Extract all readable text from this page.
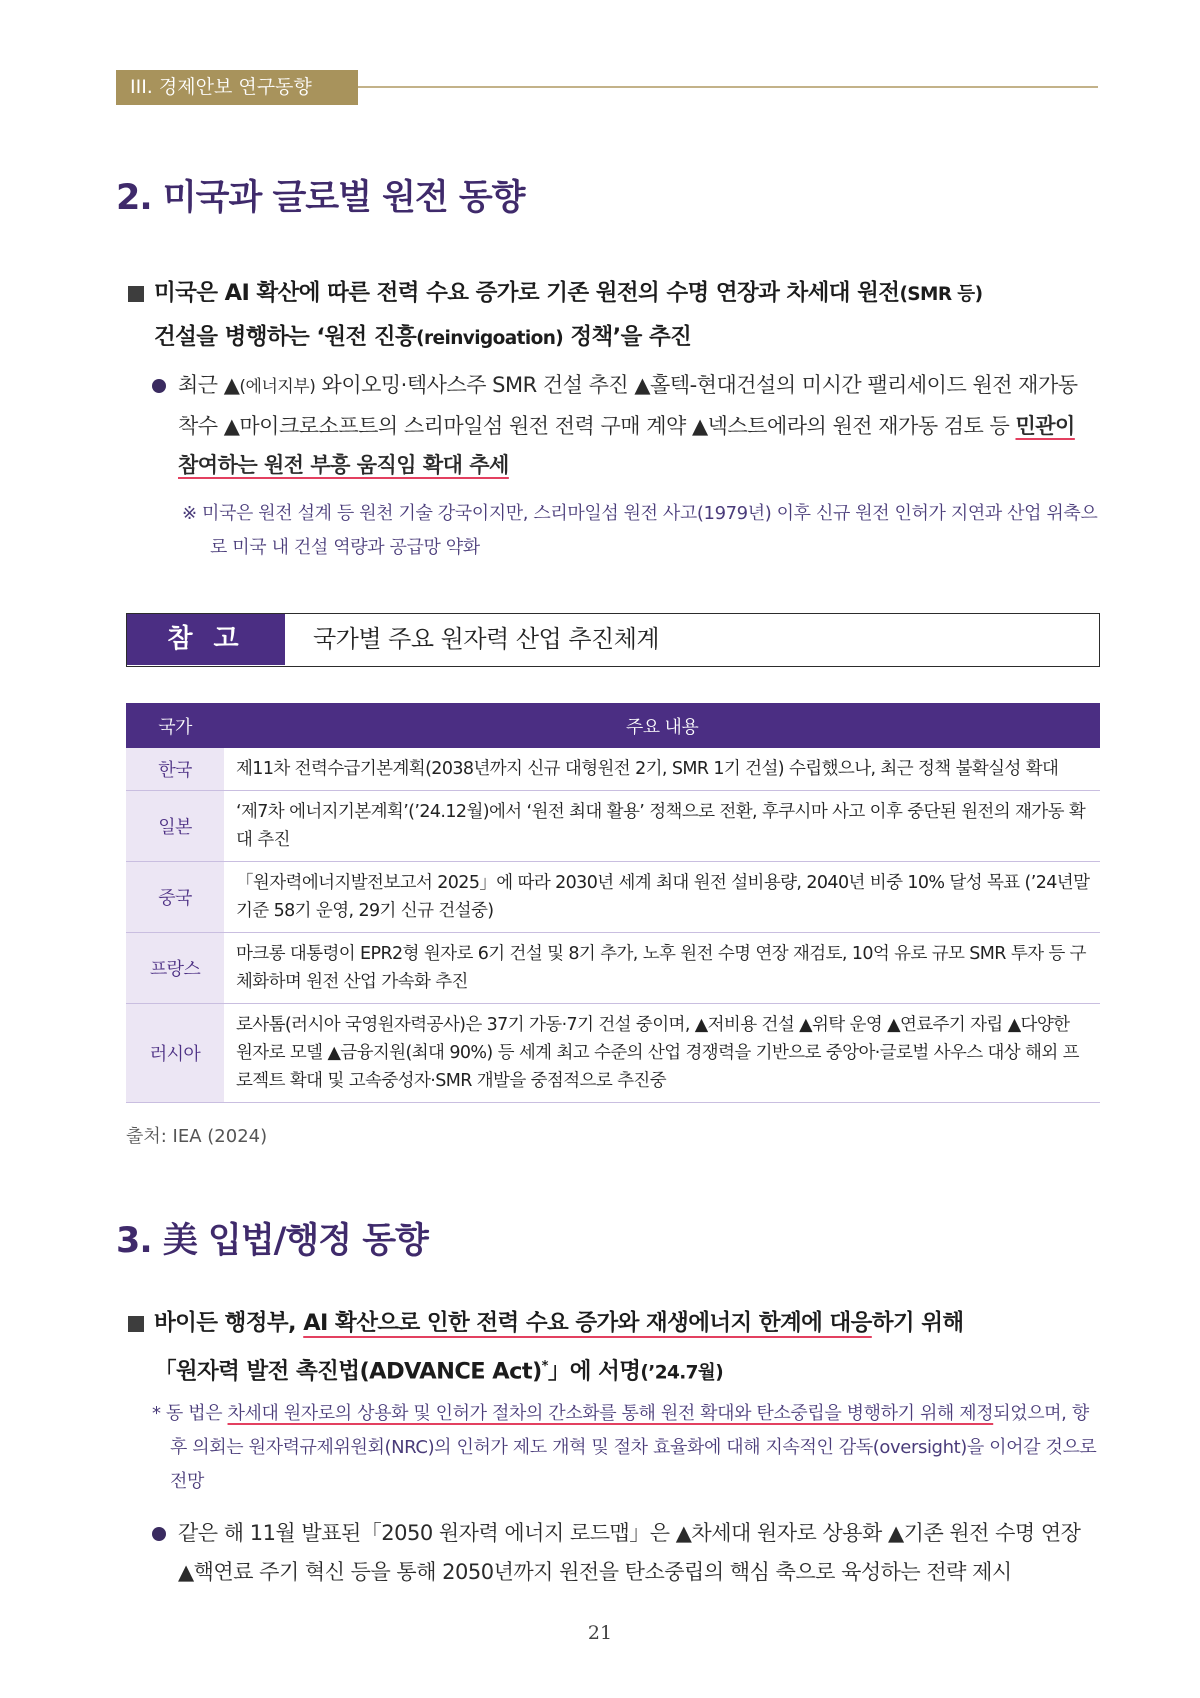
III. 경제안보 연구동향
2. 미국과 글로벌 원전 동향
미국은 AI 확산에 따른 전력 수요 증가로 기존 원전의 수명 연장과 차세대 원전(SMR 등)
건설을 병행하는 ‘원전 진흥(reinvigoation) 정책’을 추진
최근 ▲(에너지부) 와이오밍·텍사스주 SMR 건설 추진 ▲홀텍-현대건설의 미시간 팰리세이드 원전 재가동 착수 ▲마이크로소프트의 스리마일섬 원전 전력 구매 계약 ▲넥스트에라의 원전 재가동 검토 등 민관이 참여하는 원전 부흥 움직임 확대 추세
※ 미국은 원전 설계 등 원천 기술 강국이지만, 스리마일섬 원전 사고(1979년) 이후 신규 원전 인허가 지연과 산업 위축으로 미국 내 건설 역량과 공급망 약화
참 고	국가별 주요 원자력 산업 추진체계
국가	주요 내용
한국	제11차 전력수급기본계획(2038년까지 신규 대형원전 2기, SMR 1기 건설) 수립했으나, 최근 정책 불확실성 확대
일본	‘제7차 에너지기본계획’(’24.12월)에서 ‘원전 최대 활용’ 정책으로 전환, 후쿠시마 사고 이후 중단된 원전의 재가동 확대 추진
중국	「원자력에너지발전보고서 2025」에 따라 2030년 세계 최대 원전 설비용량, 2040년 비중 10% 달성 목표 (’24년말 기준 58기 운영, 29기 신규 건설중)
프랑스	마크롱 대통령이 EPR2형 원자로 6기 건설 및 8기 추가, 노후 원전 수명 연장 재검토, 10억 유로 규모 SMR 투자 등 구체화하며 원전 산업 가속화 추진
러시아	로사톰(러시아 국영원자력공사)은 37기 가동·7기 건설 중이며, ▲저비용 건설 ▲위탁 운영 ▲연료주기 자립 ▲다양한 원자로 모델 ▲금융지원(최대 90%) 등 세계 최고 수준의 산업 경쟁력을 기반으로 중앙아·글로벌 사우스 대상 해외 프로젝트 확대 및 고속중성자·SMR 개발을 중점적으로 추진중
출처: IEA (2024)
3. 美 입법/행정 동향
바이든 행정부, AI 확산으로 인한 전력 수요 증가와 재생에너지 한계에 대응하기 위해
「원자력 발전 촉진법(ADVANCE Act)*」에 서명(’24.7월)
* 동 법은 차세대 원자로의 상용화 및 인허가 절차의 간소화를 통해 원전 확대와 탄소중립을 병행하기 위해 제정되었으며, 향후 의회는 원자력규제위원회(NRC)의 인허가 제도 개혁 및 절차 효율화에 대해 지속적인 감독(oversight)을 이어갈 것으로 전망
같은 해 11월 발표된「2050 원자력 에너지 로드맵」은 ▲차세대 원자로 상용화 ▲기존 원전 수명 연장 ▲핵연료 주기 혁신 등을 통해 2050년까지 원전을 탄소중립의 핵심 축으로 육성하는 전략 제시
21
